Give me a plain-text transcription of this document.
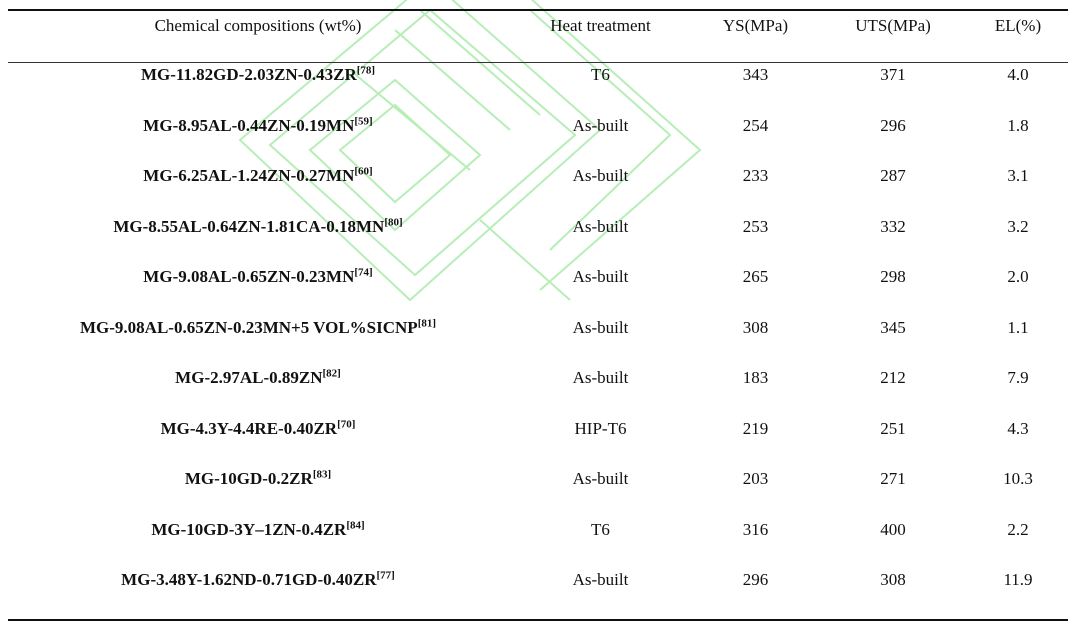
Chemical compositions (wt%)	Heat treatment	YS(MPa)	UTS(MPa)	EL(%)
MG-11.82GD-2.03ZN-0.43ZR[78]	T6	343	371	4.0
MG-8.95AL-0.44ZN-0.19MN[59]	As-built	254	296	1.8
MG-6.25AL-1.24ZN-0.27MN[60]	As-built	233	287	3.1
MG-8.55AL-0.64ZN-1.81CA-0.18MN[80]	As-built	253	332	3.2
MG-9.08AL-0.65ZN-0.23MN[74]	As-built	265	298	2.0
MG-9.08AL-0.65ZN-0.23MN+5 VOL%SICNP[81]	As-built	308	345	1.1
MG-2.97AL-0.89ZN[82]	As-built	183	212	7.9
MG-4.3Y-4.4RE-0.40ZR[70]	HIP-T6	219	251	4.3
MG-10GD-0.2ZR[83]	As-built	203	271	10.3
MG-10GD-3Y–1ZN-0.4ZR[84]	T6	316	400	2.2
MG-3.48Y-1.62ND-0.71GD-0.40ZR[77]	As-built	296	308	11.9
